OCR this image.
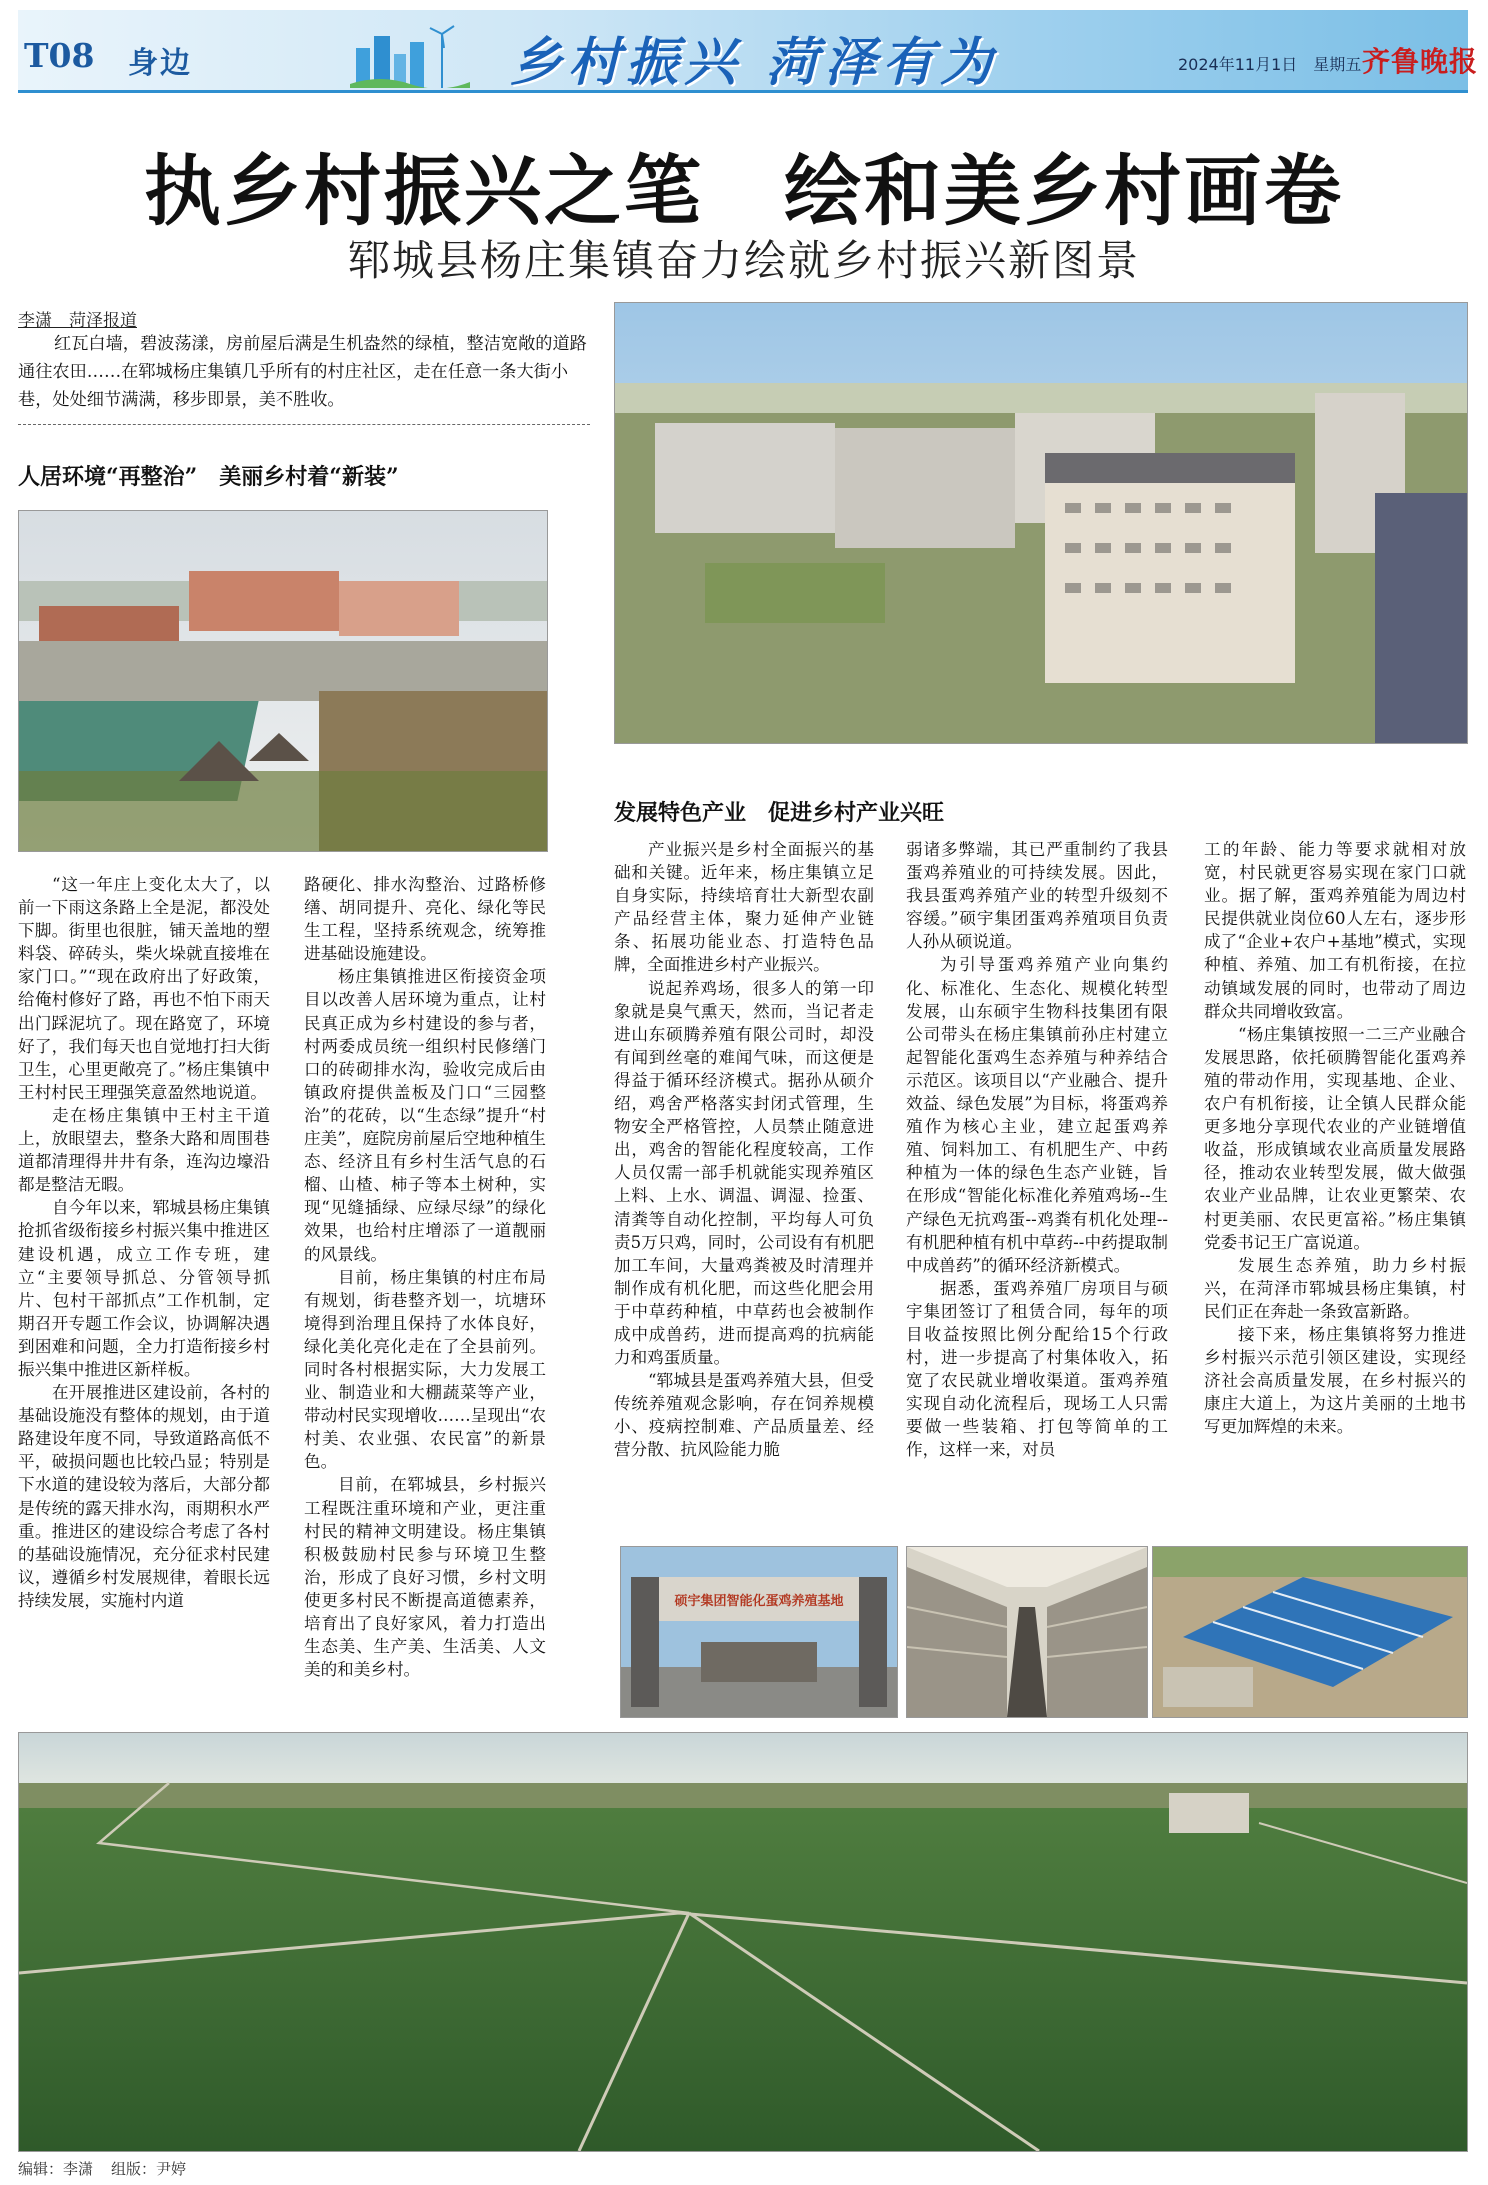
T08 身边	乡村振兴 菏泽有为	2024年11月1日　星期五 齐鲁晚报
执乡村振兴之笔　绘和美乡村画卷
郓城县杨庄集镇奋力绘就乡村振兴新图景
李潇　菏泽报道
红瓦白墙，碧波荡漾，房前屋后满是生机盎然的绿植，整洁宽敞的道路通往农田……在郓城杨庄集镇几乎所有的村庄社区，走在任意一条大街小巷，处处细节满满，移步即景，美不胜收。
人居环境“再整治”　美丽乡村着“新装”
发展特色产业　促进乡村产业兴旺

“这一年庄上变化太大了，以前一下雨这条路上全是泥，都没处下脚。街里也很脏，铺天盖地的塑料袋、碎砖头，柴火垛就直接堆在家门口。”“现在政府出了好政策，给俺村修好了路，再也不怕下雨天出门踩泥坑了。现在路宽了，环境好了，我们每天也自觉地打扫大街卫生，心里更敞亮了。”杨庄集镇中王村村民王理强笑意盈然地说道。

走在杨庄集镇中王村主干道上，放眼望去，整条大路和周围巷道都清理得井井有条，连沟边壕沿都是整洁无暇。

自今年以来，郓城县杨庄集镇抢抓省级衔接乡村振兴集中推进区建设机遇，成立工作专班，建立“主要领导抓总、分管领导抓片、包村干部抓点”工作机制，定期召开专题工作会议，协调解决遇到困难和问题，全力打造衔接乡村振兴集中推进区新样板。

在开展推进区建设前，各村的基础设施没有整体的规划，由于道路建设年度不同，导致道路高低不平，破损问题也比较凸显；特别是下水道的建设较为落后，大部分都是传统的露天排水沟，雨期积水严重。推进区的建设综合考虑了各村的基础设施情况，充分征求村民建议，遵循乡村发展规律，着眼长远持续发展，实施村内道

路硬化、排水沟整治、过路桥修缮、胡同提升、亮化、绿化等民生工程，坚持系统观念，统筹推进基础设施建设。

杨庄集镇推进区衔接资金项目以改善人居环境为重点，让村民真正成为乡村建设的参与者，村两委成员统一组织村民修缮门口的砖砌排水沟，验收完成后由镇政府提供盖板及门口“三园整治”的花砖，以“生态绿”提升“村庄美”，庭院房前屋后空地种植生态、经济且有乡村生活气息的石榴、山楂、柿子等本土树种，实现“见缝插绿、应绿尽绿”的绿化效果，也给村庄增添了一道靓丽的风景线。

目前，杨庄集镇的村庄布局有规划，街巷整齐划一，坑塘环境得到治理且保持了水体良好，绿化美化亮化走在了全县前列。同时各村根据实际，大力发展工业、制造业和大棚蔬菜等产业，带动村民实现增收……呈现出“农村美、农业强、农民富”的新景色。

目前，在郓城县，乡村振兴工程既注重环境和产业，更注重村民的精神文明建设。杨庄集镇积极鼓励村民参与环境卫生整治，形成了良好习惯，乡村文明使更多村民不断提高道德素养，培育出了良好家风，着力打造出生态美、生产美、生活美、人文美的和美乡村。

产业振兴是乡村全面振兴的基础和关键。近年来，杨庄集镇立足自身实际，持续培育壮大新型农副产品经营主体，聚力延伸产业链条、拓展功能业态、打造特色品牌，全面推进乡村产业振兴。

说起养鸡场，很多人的第一印象就是臭气熏天，然而，当记者走进山东硕腾养殖有限公司时，却没有闻到丝毫的难闻气味，而这便是得益于循环经济模式。据孙从硕介绍，鸡舍严格落实封闭式管理，生物安全严格管控，人员禁止随意进出，鸡舍的智能化程度较高，工作人员仅需一部手机就能实现养殖区上料、上水、调温、调湿、捡蛋、清粪等自动化控制，平均每人可负责5万只鸡，同时，公司设有有机肥加工车间，大量鸡粪被及时清理并制作成有机化肥，而这些化肥会用于中草药种植，中草药也会被制作成中成兽药，进而提高鸡的抗病能力和鸡蛋质量。

“郓城县是蛋鸡养殖大县，但受传统养殖观念影响，存在饲养规模小、疫病控制难、产品质量差、经营分散、抗风险能力脆

弱诸多弊端，其已严重制约了我县蛋鸡养殖业的可持续发展。因此，我县蛋鸡养殖产业的转型升级刻不容缓。”硕宇集团蛋鸡养殖项目负责人孙从硕说道。

为引导蛋鸡养殖产业向集约化、标准化、生态化、规模化转型发展，山东硕宇生物科技集团有限公司带头在杨庄集镇前孙庄村建立起智能化蛋鸡生态养殖与种养结合示范区。该项目以“产业融合、提升效益、绿色发展”为目标，将蛋鸡养殖作为核心主业，建立起蛋鸡养殖、饲料加工、有机肥生产、中药种植为一体的绿色生态产业链，旨在形成“智能化标准化养殖鸡场--生产绿色无抗鸡蛋--鸡粪有机化处理--有机肥种植有机中草药--中药提取制中成兽药”的循环经济新模式。

据悉，蛋鸡养殖厂房项目与硕宇集团签订了租赁合同，每年的项目收益按照比例分配给15个行政村，进一步提高了村集体收入，拓宽了农民就业增收渠道。蛋鸡养殖实现自动化流程后，现场工人只需要做一些装箱、打包等简单的工作，这样一来，对员

工的年龄、能力等要求就相对放宽，村民就更容易实现在家门口就业。据了解，蛋鸡养殖能为周边村民提供就业岗位60人左右，逐步形成了“企业+农户+基地”模式，实现种植、养殖、加工有机衔接，在拉动镇域发展的同时，也带动了周边群众共同增收致富。

“杨庄集镇按照一二三产业融合发展思路，依托硕腾智能化蛋鸡养殖的带动作用，实现基地、企业、农户有机衔接，让全镇人民群众能更多地分享现代农业的产业链增值收益，形成镇域农业高质量发展路径，推动农业转型发展，做大做强农业产业品牌，让农业更繁荣、农村更美丽、农民更富裕。”杨庄集镇党委书记王广富说道。

发展生态养殖，助力乡村振兴，在菏泽市郓城县杨庄集镇，村民们正在奔赴一条致富新路。

接下来，杨庄集镇将努力推进乡村振兴示范引领区建设，实现经济社会高质量发展，在乡村振兴的康庄大道上，为这片美丽的土地书写更加辉煌的未来。

硕宇集团智能化蛋鸡养殖基地
编辑：李潇 组版：尹婷
